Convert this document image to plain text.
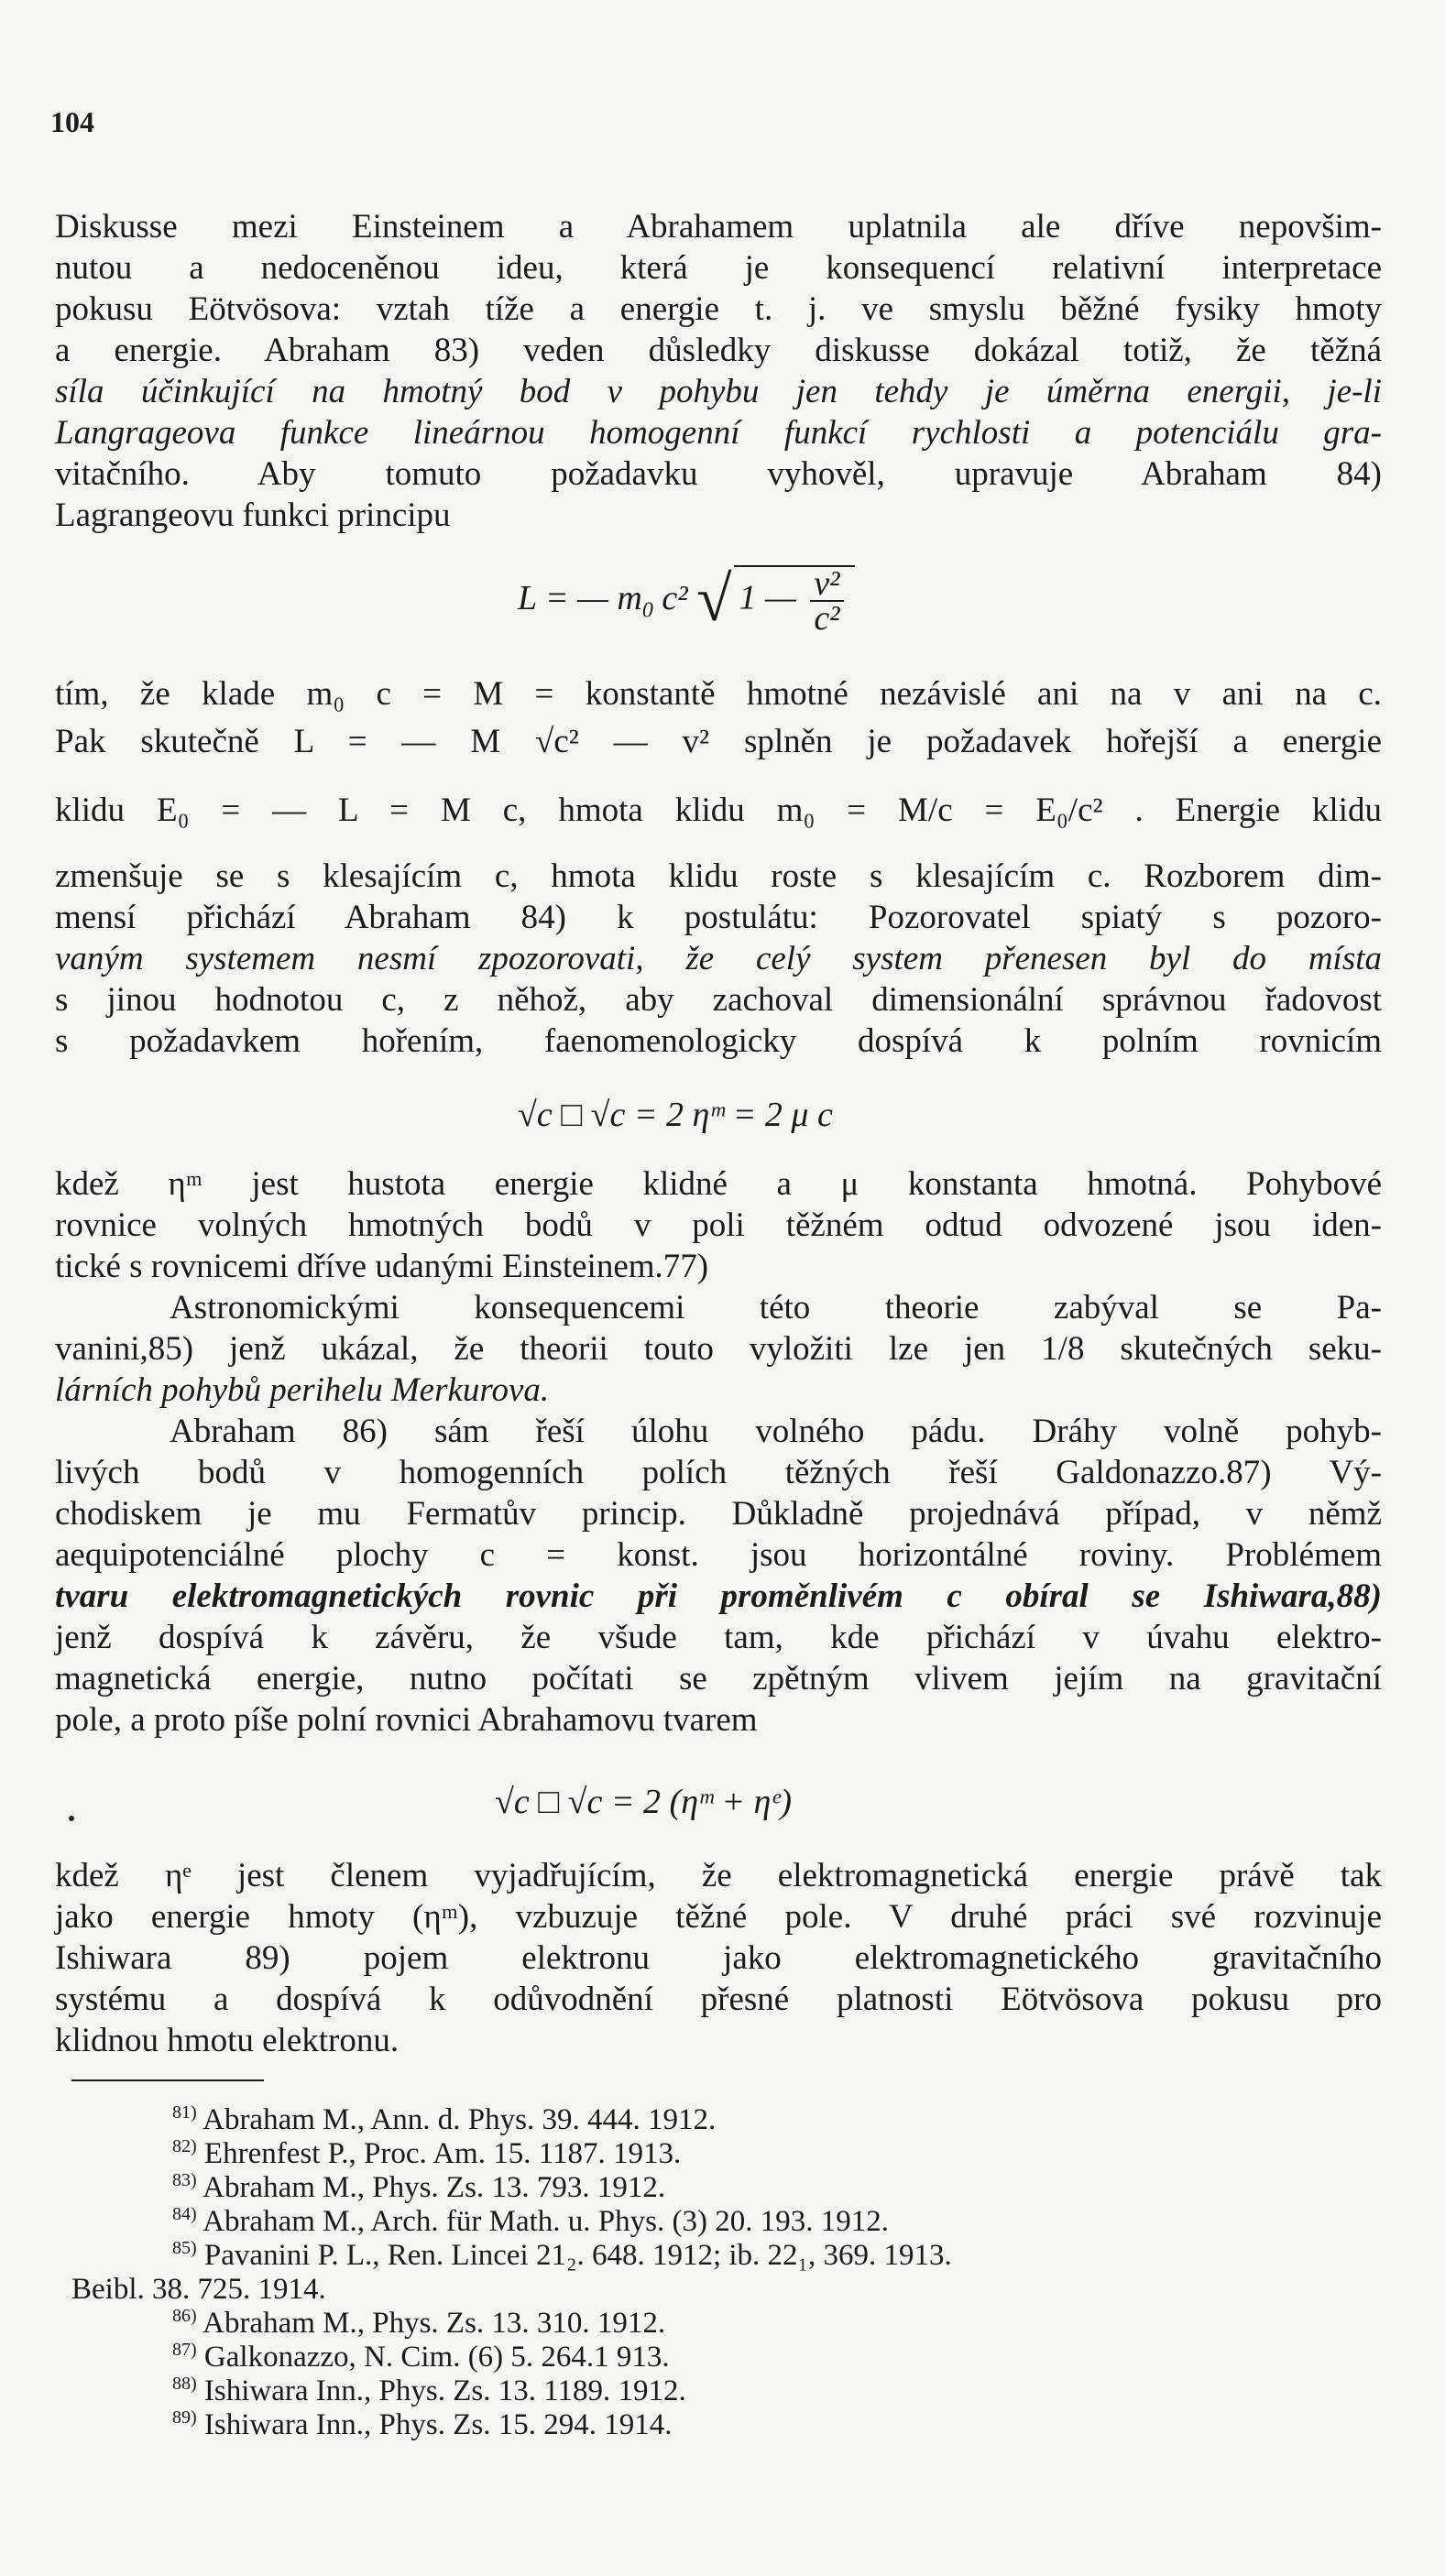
104
Diskusse mezi Einsteinem a Abrahamem uplatnila ale dříve nepovšim-
nutou a nedoceněnou ideu, která je konsequencí relativní interpretace
pokusu Eötvösova: vztah tíže a energie t. j. ve smyslu běžné fysiky hmoty
a energie. Abraham 83) veden důsledky diskusse dokázal totiž, že těžná
síla účinkující na hmotný bod v pohybu jen tehdy je úměrna energii, je-li
Langrageova funkce lineárnou homogenní funkcí rychlosti a potenciálu gra-
vitačního. Aby tomuto požadavku vyhověl, upravuje Abraham 84)
Lagrangeovu funkci principu
L = — $m_0$ c² √ 1 — $\frac{\text{v²}}{\text{c²}}$
tím, že klade m₀ c = M = konstantě hmotné nezávislé ani na v ani na c.
Pak skutečně L = — M √c² — v² splněn je požadavek hořejší a energie
klidu E₀ = — L = M c, hmota klidu m₀ = M/c = E₀/c² . Energie klidu
zmenšuje se s klesajícím c, hmota klidu roste s klesajícím c. Rozborem dim-
mensí přichází Abraham 84) k postulátu: Pozorovatel spiatý s pozoro-
vaným systemem nesmí zpozorovati, že celý system přenesen byl do místa
s jinou hodnotou c, z něhož, aby zachoval dimensionální správnou řadovost
s požadavkem hořením, faenomenologicky dospívá k polním rovnicím
√c □ √c = 2 ηᵐ = 2 μ c
kdež ηᵐ jest hustota energie klidné a μ konstanta hmotná. Pohybové
rovnice volných hmotných bodů v poli těžném odtud odvozené jsou iden-
tické s rovnicemi dříve udanými Einsteinem.77)
Astronomickými konsequencemi této theorie zabýval se Pa-
vanini,85) jenž ukázal, že theorii touto vyložiti lze jen 1/8 skutečných seku-
lárních pohybů perihelu Merkurova.
Abraham 86) sám řeší úlohu volného pádu. Dráhy volně pohyb-
livých bodů v homogenních polích těžných řeší Galdonazzo.87) Vý-
chodiskem je mu Fermatův princip. Důkladně projednává případ, v němž
aequipotenciálné plochy c = konst. jsou horizontálné roviny. Problémem
tvaru elektromagnetických rovnic při proměnlivém c obíral se Ishiwara,88)
jenž dospívá k závěru, že všude tam, kde přichází v úvahu elektro-
magnetická energie, nutno počítati se zpětným vlivem jejím na gravitační
pole, a proto píše polní rovnici Abrahamovu tvarem
√c □ √c = 2 (ηᵐ + ηᵉ)
kdež ηᵉ jest členem vyjadřujícím, že elektromagnetická energie právě tak
jako energie hmoty (ηᵐ), vzbuzuje těžné pole. V druhé práci své rozvinuje
Ishiwara 89) pojem elektronu jako elektromagnetického gravitačního
systému a dospívá k odůvodnění přesné platnosti Eötvösova pokusu pro
klidnou hmotu elektronu.
$^{81)}$ Abraham M., Ann. d. Phys. 39. 444. 1912.
$^{82)}$ Ehrenfest P., Proc. Am. 15. 1187. 1913.
$^{83)}$ Abraham M., Phys. Zs. 13. 793. 1912.
$^{84)}$ Abraham M., Arch. für Math. u. Phys. (3) 20. 193. 1912.
$^{85)}$ Pavanini P. L., Ren. Lincei 21₂. 648. 1912; ib. 22₁, 369. 1913.
Beibl. 38. 725. 1914.
$^{86)}$ Abraham M., Phys. Zs. 13. 310. 1912.
$^{87)}$ Galkonazzo, N. Cim. (6) 5. 264.1 913.
$^{88)}$ Ishiwara Inn., Phys. Zs. 13. 1189. 1912.
$^{89)}$ Ishiwara Inn., Phys. Zs. 15. 294. 1914.
